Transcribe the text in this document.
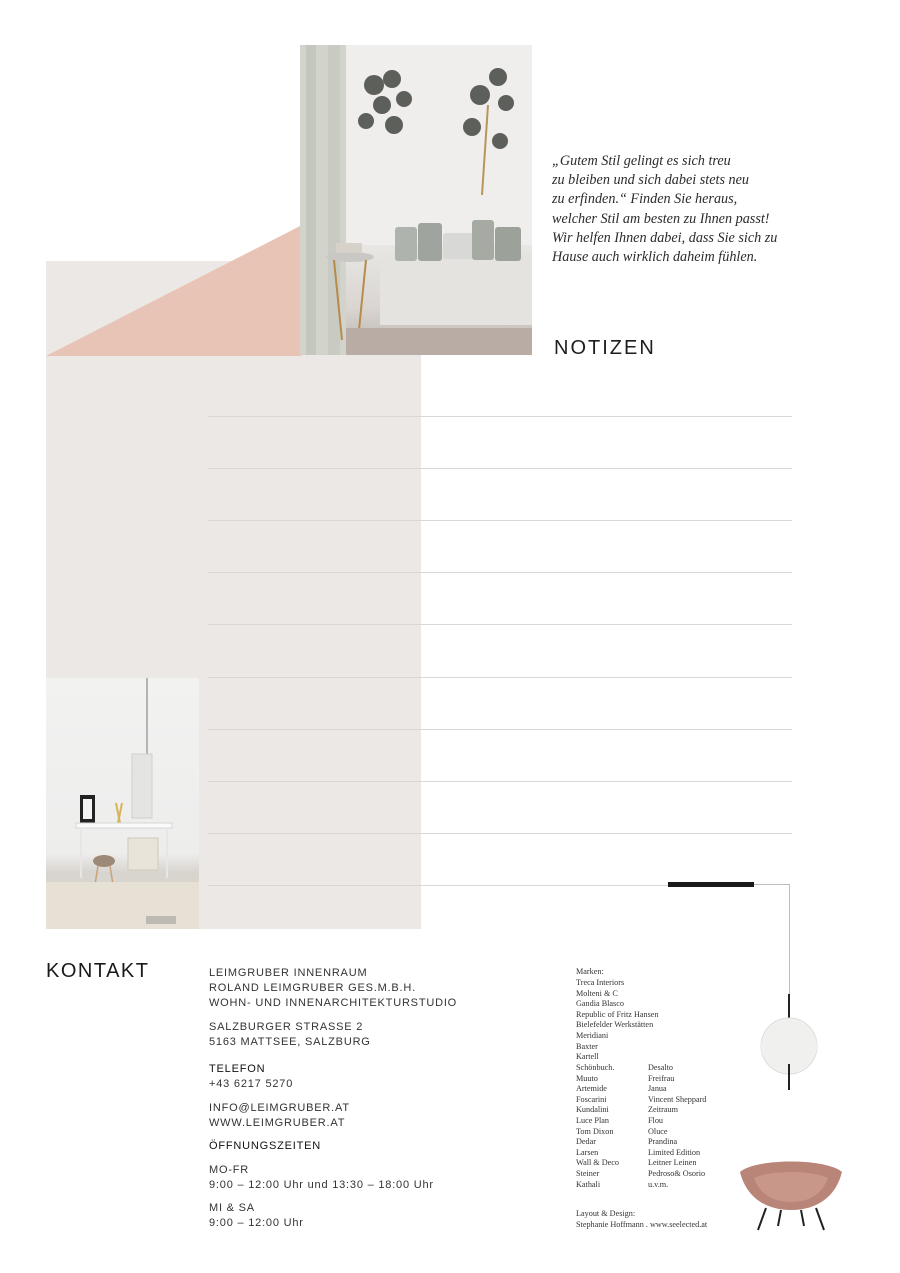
„Gutem Stil gelingt es sich treu
zu bleiben und sich dabei stets neu
zu erfinden.“ Finden Sie heraus,
welcher Stil am besten zu Ihnen passt!
Wir helfen Ihnen dabei, dass Sie sich zu
Hause auch wirklich daheim fühlen.

NOTIZEN
KONTAKT	LEIMGRUBER INNENRAUM
ROLAND LEIMGRUBER GES.M.B.H.
WOHN- UND INNENARCHITEKTURSTUDIO
SALZBURGER STRASSE 2
5163 MATTSEE, SALZBURG
TELEFON
+43 6217 5270
INFO@LEIMGRUBER.AT
WWW.LEIMGRUBER.AT
ÖFFNUNGSZEITEN
MO-FR
9:00 – 12:00 Uhr und 13:30 – 18:00 Uhr
MI & SA
9:00 – 12:00 Uhr
Marken:
Treca Interiors
Molteni & C
Gandia Blasco
Republic of Fritz Hansen
Bielefelder Werkstätten
Meridiani
Baxter
Kartell
Schönbuch.
Muuto
Artemide
Foscarini
Kundalini
Luce Plan
Tom Dixon
Dedar
Larsen
Wall & Deco
Steiner
Kathali
Desalto
Freifrau
Janua
Vincent Sheppard
Zeitraum
Flou
Oluce
Prandina
Limited Edition
Leitner Leinen
Pedroso& Osorio
u.v.m.
Layout & Design:
Stephanie Hoffmann . www.seelected.at
